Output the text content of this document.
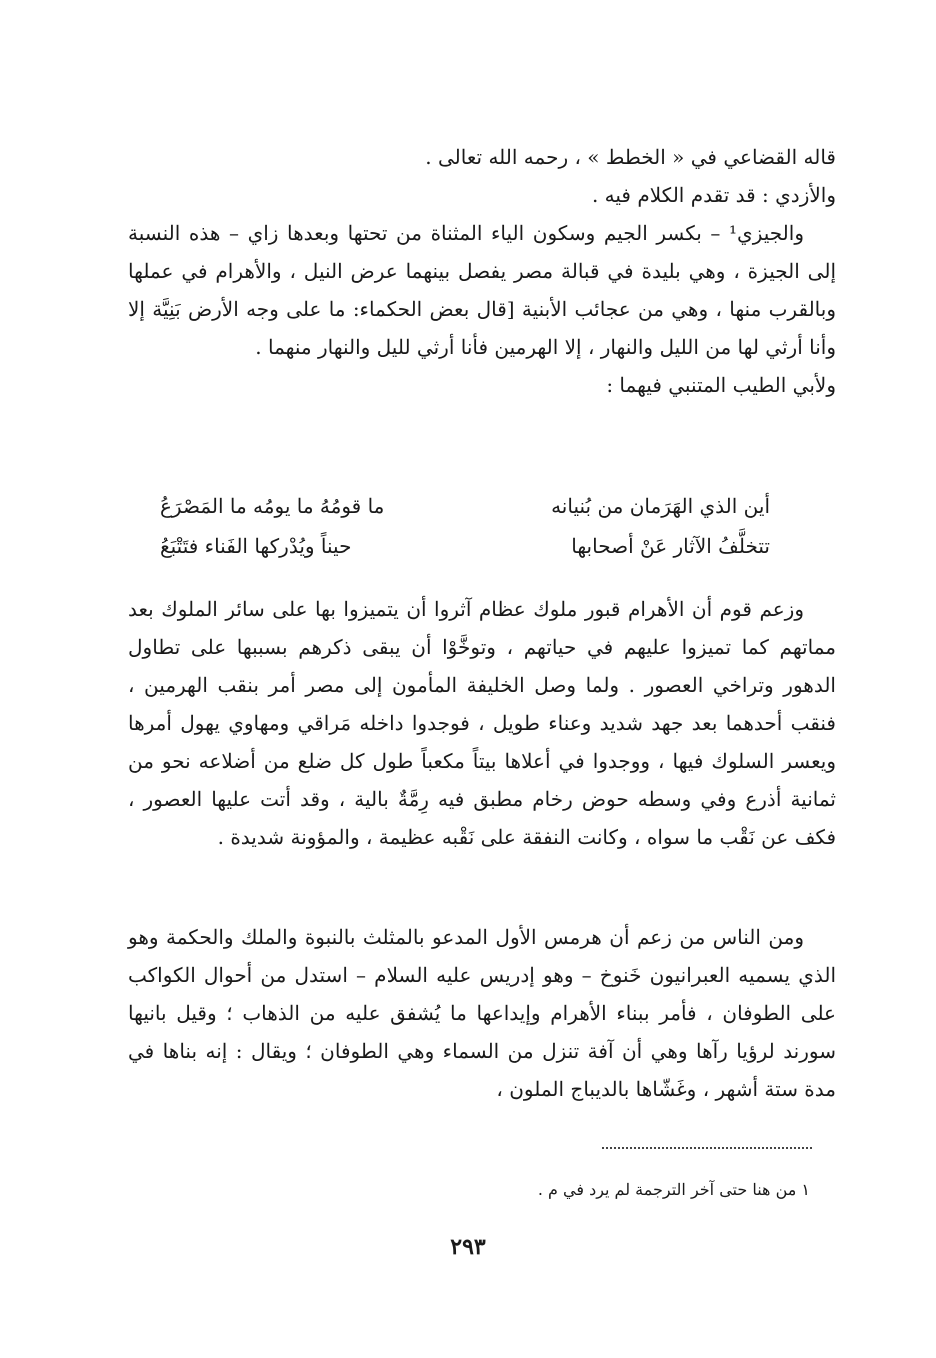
قاله القضاعي في « الخطط » ، رحمه الله تعالى .

والأزدي : قد تقدم الكلام فيه .

والجيزي¹ – بكسر الجيم وسكون الياء المثناة من تحتها وبعدها زاي – هذه النسبة إلى الجيزة ، وهي بليدة في قبالة مصر يفصل بينهما عرض النيل ، والأهرام في عملها وبالقرب منها ، وهي من عجائب الأبنية [قال بعض الحكماء: ما على وجه الأرض بَنِيَّة إلا وأنا أرثي لها من الليل والنهار ، إلا الهرمين فأنا أرثي لليل والنهار منهما .

ولأبي الطيب المتنبي فيهما :

أين الذي الهَرَمان من بُنيانه
ما قومُهُ ما يومُه ما المَصْرَعُ
تتخلَّفُ الآثار عَنْ أصحابها
حيناً ويُدْركها الفَناء فتَتْبَعُ

وزعم قوم أن الأهرام قبور ملوك عظام آثروا أن يتميزوا بها على سائر الملوك بعد مماتهم كما تميزوا عليهم في حياتهم ، وتوخَّوْا أن يبقى ذكرهم بسببها على تطاول الدهور وتراخي العصور . ولما وصل الخليفة المأمون إلى مصر أمر بنقب الهرمين ، فنقب أحدهما بعد جهد شديد وعناء طويل ، فوجدوا داخله مَراقي ومهاوي يهول أمرها ويعسر السلوك فيها ، ووجدوا في أعلاها بيتاً مكعباً طول كل ضلع من أضلاعه نحو من ثمانية أذرع وفي وسطه حوض رخام مطبق فيه رِمَّةٌ بالية ، وقد أتت عليها العصور ، فكف عن نَقْب ما سواه ، وكانت النفقة على نَقْبه عظيمة ، والمؤونة شديدة .

ومن الناس من زعم أن هرمس الأول المدعو بالمثلث بالنبوة والملك والحكمة وهو الذي يسميه العبرانيون خَنوخ – وهو إدريس عليه السلام – استدل من أحوال الكواكب على الطوفان ، فأمر ببناء الأهرام وإيداعها ما يُشفق عليه من الذهاب ؛ وقيل بانيها سورند لرؤيا رآها وهي أن آفة تنزل من السماء وهي الطوفان ؛ ويقال : إنه بناها في مدة ستة أشهر ، وغَشّاها بالديباج الملون ،

١ من هنا حتى آخر الترجمة لم يرد في م .
٢٩٣
